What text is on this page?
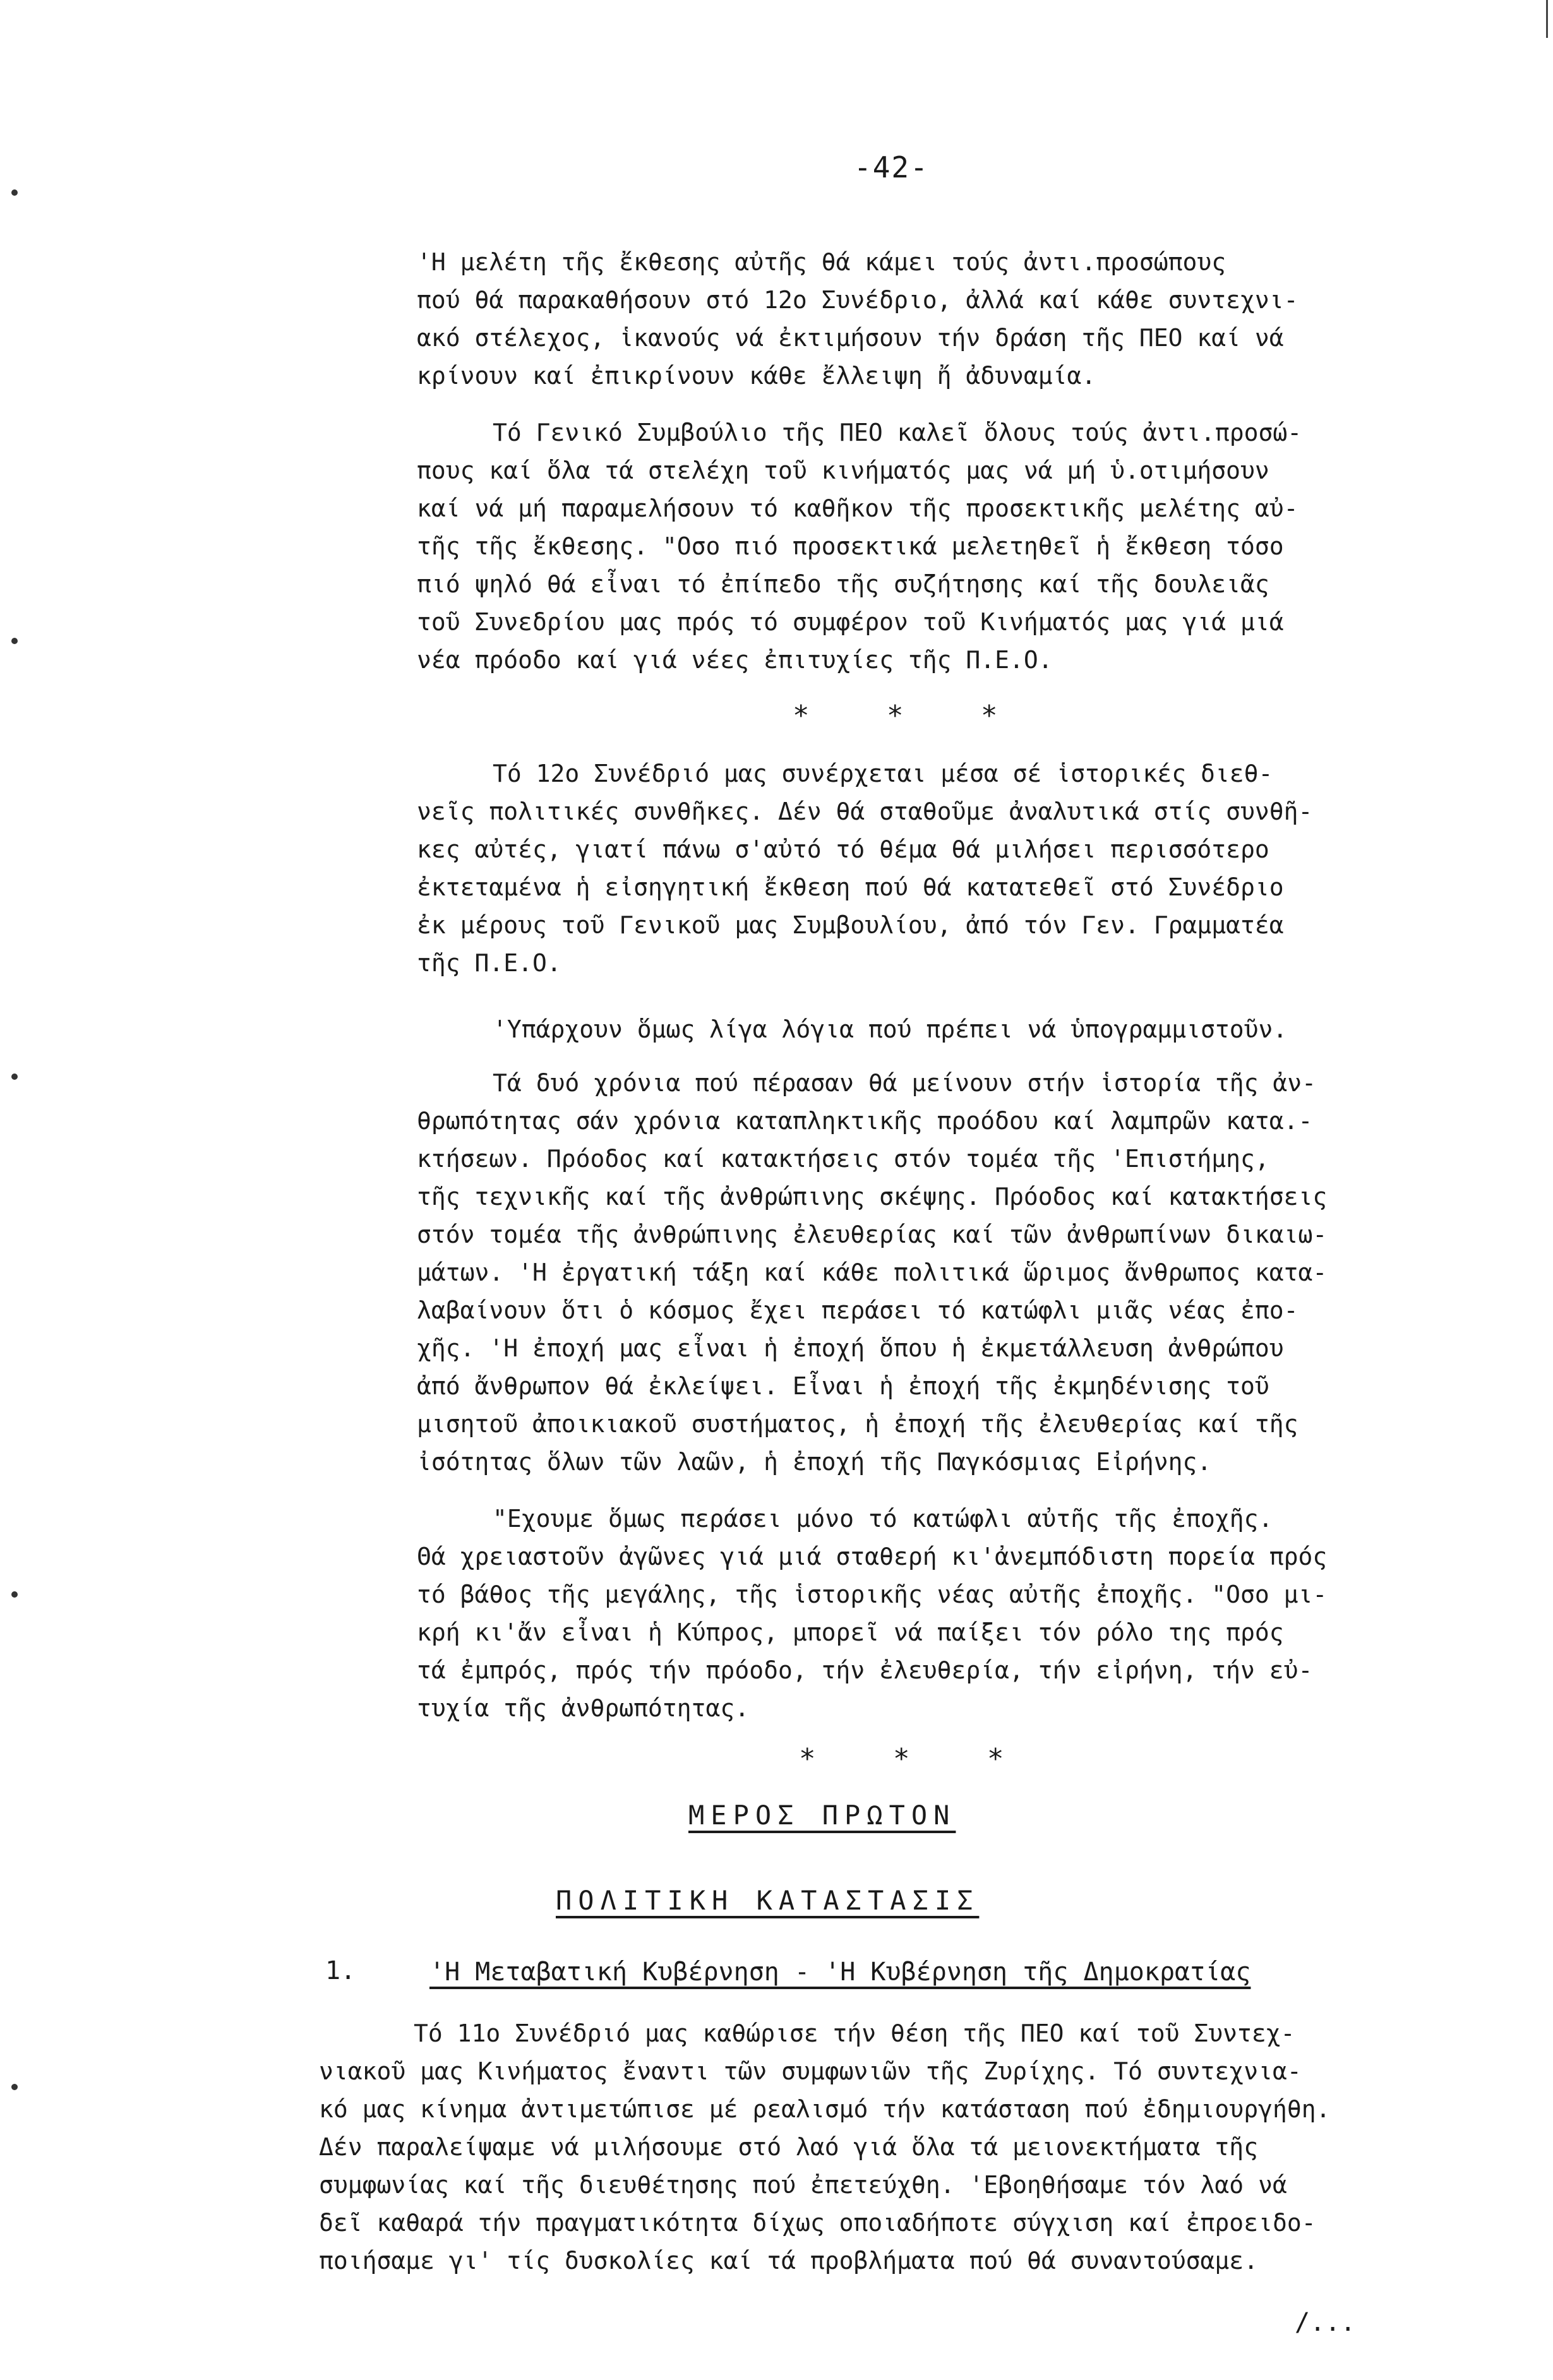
-42-

'Η μελέτη τῆς ἔκθεσης αὐτῆς θά κάμει τούς ἀντι.προσώπους

πού θά παρακαθήσουν στό 12ο Συνέδριο, ἀλλά καί κάθε συντεχνι-

ακό στέλεχος, ἱκανούς νά ἐκτιμήσουν τήν δράση τῆς ΠΕΟ καί νά

κρίνουν καί ἐπικρίνουν κάθε ἔλλειψη ἤ ἀδυναμία.

Τό Γενικό Συμβούλιο τῆς ΠΕΟ καλεῖ ὅλους τούς ἀντι.προσώ-

πους καί ὅλα τά στελέχη τοῦ κινήματός μας νά μή ὑ.οτιμήσουν

καί νά μή παραμελήσουν τό καθῆκον τῆς προσεκτικῆς μελέτης αὐ-

τῆς τῆς ἔκθεσης. "Οσο πιό προσεκτικά μελετηθεῖ ἡ ἔκθεση τόσο

πιό ψηλό θά εἶναι τό ἐπίπεδο τῆς συζήτησης καί τῆς δουλειᾶς

τοῦ Συνεδρίου μας πρός τό συμφέρον τοῦ Κινήματός μας γιά μιά

νέα πρόοδο καί γιά νέες ἐπιτυχίες τῆς Π.Ε.Ο.

* * *

Τό 12ο Συνέδριό μας συνέρχεται μέσα σέ ἱστορικές διεθ-

νεῖς πολιτικές συνθῆκες. Δέν θά σταθοῦμε ἀναλυτικά στίς συνθῆ-

κες αὐτές, γιατί πάνω σ'αὐτό τό θέμα θά μιλήσει περισσότερο

ἐκτεταμένα ἡ εἰσηγητική ἔκθεση πού θά κατατεθεῖ στό Συνέδριο

ἐκ μέρους τοῦ Γενικοῦ μας Συμβουλίου, ἀπό τόν Γεν. Γραμματέα

τῆς Π.Ε.Ο.

'Υπάρχουν ὅμως λίγα λόγια πού πρέπει νά ὑπογραμμιστοῦν.

Τά δυό χρόνια πού πέρασαν θά μείνουν στήν ἱστορία τῆς ἀν-

θρωπότητας σάν χρόνια καταπληκτικῆς προόδου καί λαμπρῶν κατα.-

κτήσεων. Πρόοδος καί κατακτήσεις στόν τομέα τῆς 'Επιστήμης,

τῆς τεχνικῆς καί τῆς ἀνθρώπινης σκέψης. Πρόοδος καί κατακτήσεις

στόν τομέα τῆς ἀνθρώπινης ἐλευθερίας καί τῶν ἀνθρωπίνων δικαιω-

μάτων. 'Η ἐργατική τάξη καί κάθε πολιτικά ὥριμος ἄνθρωπος κατα-

λαβαίνουν ὅτι ὁ κόσμος ἔχει περάσει τό κατώφλι μιᾶς νέας ἐπο-

χῆς. 'Η ἐποχή μας εἶναι ἡ ἐποχή ὅπου ἡ ἐκμετάλλευση ἀνθρώπου

ἀπό ἄνθρωπον θά ἐκλείψει. Εἶναι ἡ ἐποχή τῆς ἐκμηδένισης τοῦ

μισητοῦ ἀποικιακοῦ συστήματος, ἡ ἐποχή τῆς ἐλευθερίας καί τῆς

ἰσότητας ὅλων τῶν λαῶν, ἡ ἐποχή τῆς Παγκόσμιας Εἰρήνης.

"Εχουμε ὅμως περάσει μόνο τό κατώφλι αὐτῆς τῆς ἐποχῆς.

Θά χρειαστοῦν ἀγῶνες γιά μιά σταθερή κι'ἀνεμπόδιστη πορεία πρός

τό βάθος τῆς μεγάλης, τῆς ἱστορικῆς νέας αὐτῆς ἐποχῆς. "Οσο μι-

κρή κι'ἄν εἶναι ἡ Κύπρος, μπορεῖ νά παίξει τόν ρόλο της πρός

τά ἐμπρός, πρός τήν πρόοδο, τήν ἐλευθερία, τήν εἰρήνη, τήν εὐ-

τυχία τῆς ἀνθρωπότητας.

* * *
ΜΕΡΟΣ ΠΡΩΤΟΝ
ΠΟΛΙΤΙΚΗ ΚΑΤΑΣΤΑΣΙΣ
1.	'Η Μεταβατική Κυβέρνηση - 'Η Κυβέρνηση τῆς Δημοκρατίας

Τό 11ο Συνέδριό μας καθώρισε τήν θέση τῆς ΠΕΟ καί τοῦ Συντεχ-

νιακοῦ μας Κινήματος ἔναντι τῶν συμφωνιῶν τῆς Ζυρίχης. Τό συντεχνια-

κό μας κίνημα ἀντιμετώπισε μέ ρεαλισμό τήν κατάσταση πού ἐδημιουργήθη.

Δέν παραλείψαμε νά μιλήσουμε στό λαό γιά ὅλα τά μειονεκτήματα τῆς

συμφωνίας καί τῆς διευθέτησης πού ἐπετεύχθη. 'Εβοηθήσαμε τόν λαό νά

δεῖ καθαρά τήν πραγματικότητα δίχως οποιαδήποτε σύγχιση καί ἐπροειδο-

ποιήσαμε γι' τίς δυσκολίες καί τά προβλήματα πού θά συναντούσαμε.

/...
